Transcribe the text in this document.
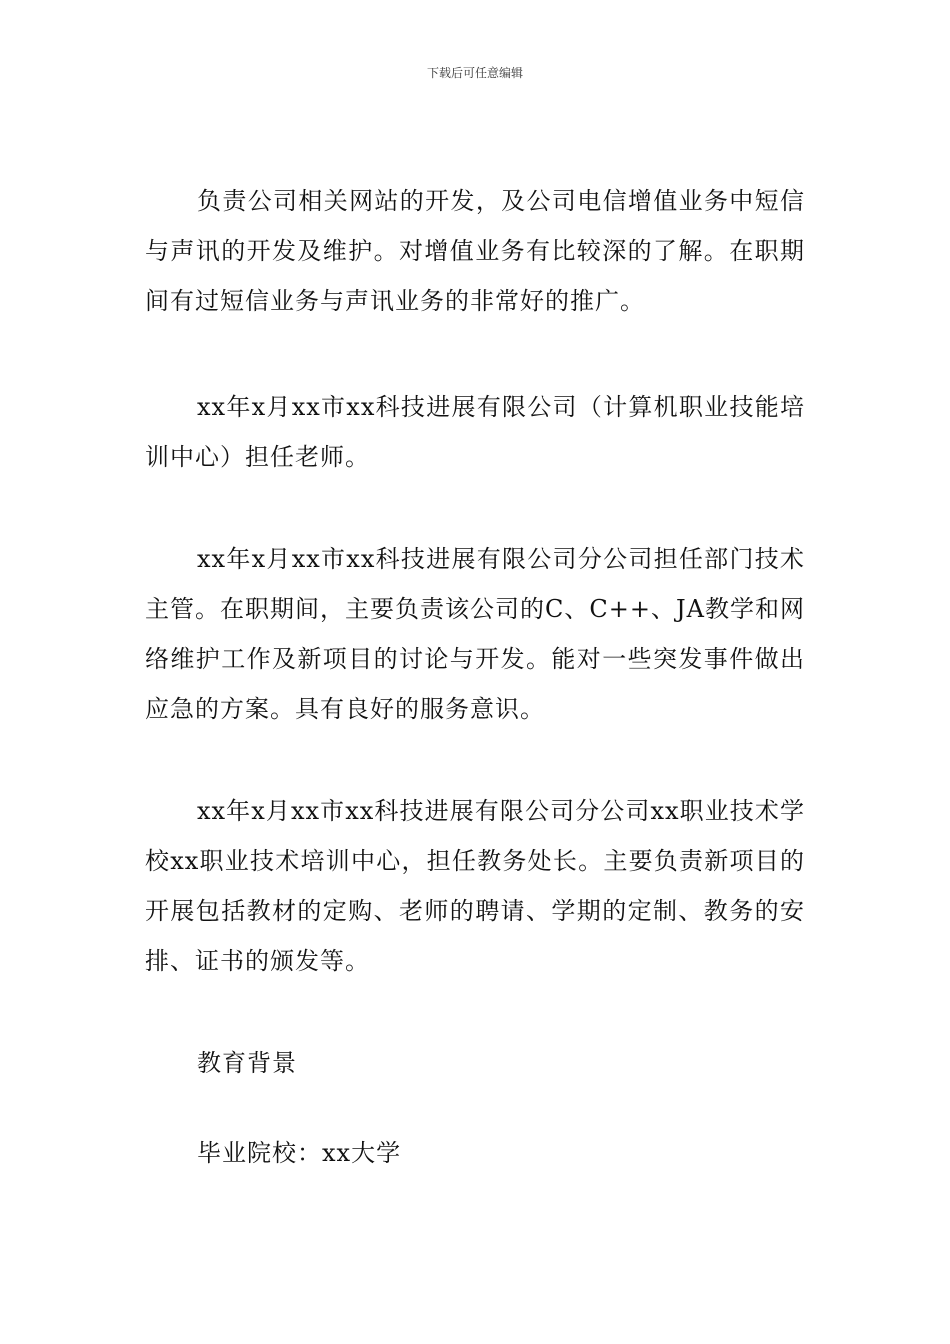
下载后可任意编辑

负责公司相关网站的开发，及公司电信增值业务中短信与声讯的开发及维护。对增值业务有比较深的了解。在职期间有过短信业务与声讯业务的非常好的推广。

xx年x月xx市xx科技进展有限公司（计算机职业技能培训中心）担任老师。

xx年x月xx市xx科技进展有限公司分公司担任部门技术主管。在职期间，主要负责该公司的C、C++、JA教学和网络维护工作及新项目的讨论与开发。能对一些突发事件做出应急的方案。具有良好的服务意识。

xx年x月xx市xx科技进展有限公司分公司xx职业技术学校xx职业技术培训中心，担任教务处长。主要负责新项目的开展包括教材的定购、老师的聘请、学期的定制、教务的安排、证书的颁发等。

教育背景

毕业院校：xx大学
